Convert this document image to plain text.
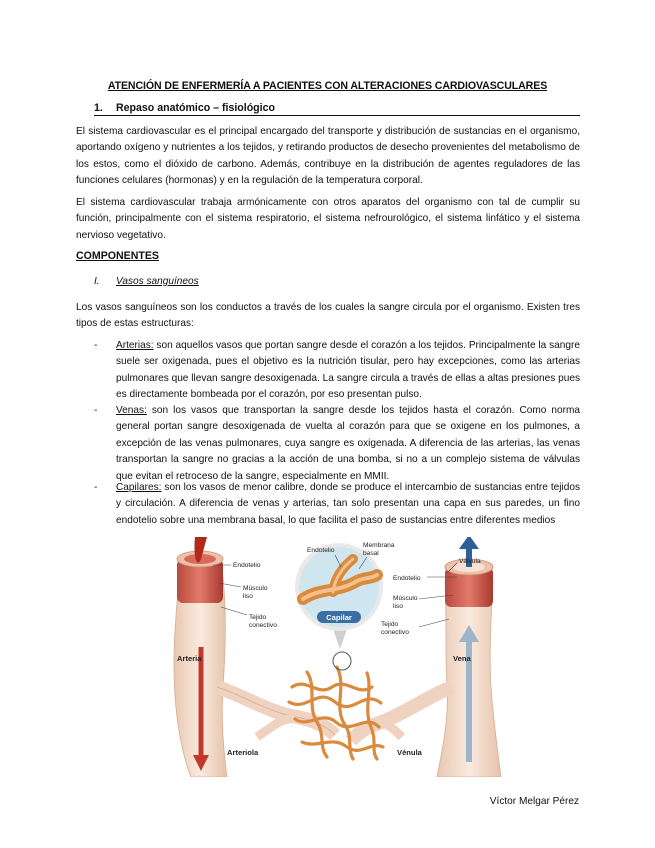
ATENCIÓN DE ENFERMERÍA A PACIENTES CON ALTERACIONES CARDIOVASCULARES
1. Repaso anatómico – fisiológico

El sistema cardiovascular es el principal encargado del transporte y distribución de sustancias en el organismo, aportando oxígeno y nutrientes a los tejidos, y retirando productos de desecho provenientes del metabolismo de los estos, como el dióxido de carbono. Además, contribuye en la distribución de agentes reguladores de las funciones celulares (hormonas) y en la regulación de la temperatura corporal.

El sistema cardiovascular trabaja armónicamente con otros aparatos del organismo con tal de cumplir su función, principalmente con el sistema respiratorio, el sistema nefrourológico, el sistema linfático y el sistema nervioso vegetativo.

COMPONENTES
I. Vasos sanguíneos

Los vasos sanguíneos son los conductos a través de los cuales la sangre circula por el organismo. Existen tres tipos de estas estructuras:

- Arterias: son aquellos vasos que portan sangre desde el corazón a los tejidos. Principalmente la sangre suele ser oxigenada, pues el objetivo es la nutrición tisular, pero hay excepciones, como las arterias pulmonares que llevan sangre desoxigenada. La sangre circula a través de ellas a altas presiones pues es directamente bombeada por el corazón, por eso presentan pulso.

- Venas: son los vasos que transportan la sangre desde los tejidos hasta el corazón. Como norma general portan sangre desoxigenada de vuelta al corazón para que se oxigene en los pulmones, a excepción de las venas pulmonares, cuya sangre es oxigenada. A diferencia de las arterias, las venas transportan la sangre no gracias a la acción de una bomba, si no a un complejo sistema de válvulas que evitan el retroceso de la sangre, especialmente en MMII.

- Capilares: son los vasos de menor calibre, donde se produce el intercambio de sustancias entre tejidos y circulación. A diferencia de venas y arterias, tan solo presentan una capa en sus paredes, un fino endotelio sobre una membrana basal, lo que facilita el paso de sustancias entre diferentes medios

Capilar
Endotelio
Músculo
liso
Tejido
conectivo
Endotelio
Membrana
basal
Válvula
Endotelio
Músculo
liso
Tejido
conectivo
Arteria	Vena
Arteriola	Vénula
Víctor Melgar Pérez
